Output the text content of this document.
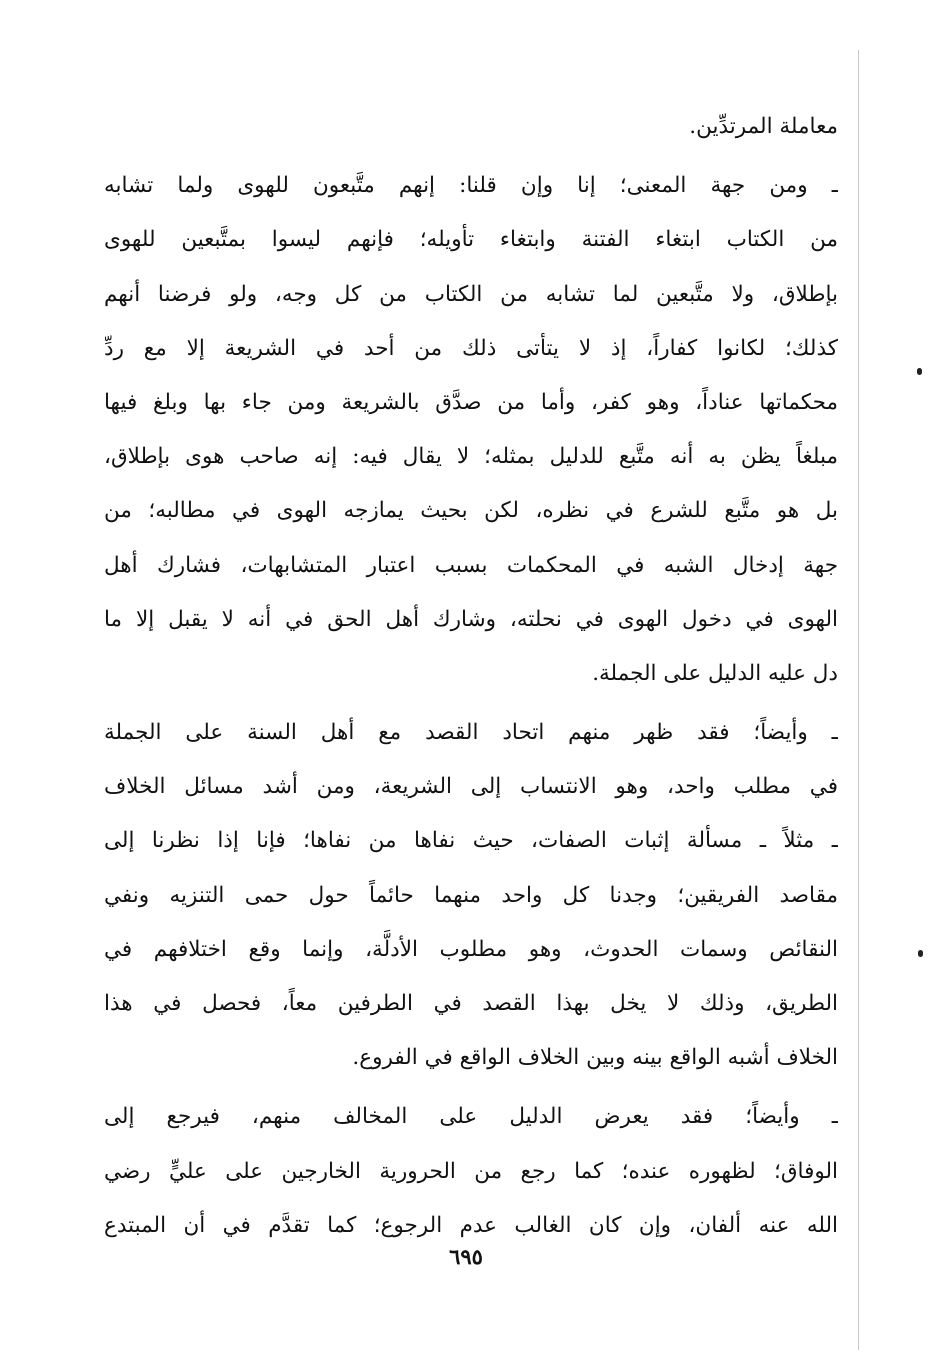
معاملة المرتدِّين.
ـ ومن جهة المعنى؛ إنا وإن قلنا: إنهم متَّبعون للهوى ولما تشابه
من الكتاب ابتغاء الفتنة وابتغاء تأويله؛ فإنهم ليسوا بمتَّبعين للهوى
بإطلاق، ولا متَّبعين لما تشابه من الكتاب من كل وجه، ولو فرضنا أنهم
كذلك؛ لكانوا كفاراً، إذ لا يتأتى ذلك من أحد في الشريعة إلا مع ردِّ
محكماتها عناداً، وهو كفر، وأما من صدَّق بالشريعة ومن جاء بها وبلغ فيها
مبلغاً يظن به أنه متَّبع للدليل بمثله؛ لا يقال فيه: إنه صاحب هوى بإطلاق،
بل هو متَّبع للشرع في نظره، لكن بحيث يمازجه الهوى في مطالبه؛ من
جهة إدخال الشبه في المحكمات بسبب اعتبار المتشابهات، فشارك أهل
الهوى في دخول الهوى في نحلته، وشارك أهل الحق في أنه لا يقبل إلا ما
دل عليه الدليل على الجملة.
ـ وأيضاً؛ فقد ظهر منهم اتحاد القصد مع أهل السنة على الجملة
في مطلب واحد، وهو الانتساب إلى الشريعة، ومن أشد مسائل الخلاف
ـ مثلاً ـ مسألة إثبات الصفات، حيث نفاها من نفاها؛ فإنا إذا نظرنا إلى
مقاصد الفريقين؛ وجدنا كل واحد منهما حائماً حول حمى التنزيه ونفي
النقائص وسمات الحدوث، وهو مطلوب الأدلَّة، وإنما وقع اختلافهم في
الطريق، وذلك لا يخل بهذا القصد في الطرفين معاً، فحصل في هذا
الخلاف أشبه الواقع بينه وبين الخلاف الواقع في الفروع.
ـ وأيضاً؛ فقد يعرض الدليل على المخالف منهم، فيرجع إلى
الوفاق؛ لظهوره عنده؛ كما رجع من الحرورية الخارجين على عليٍّ رضي
الله عنه ألفان، وإن كان الغالب عدم الرجوع؛ كما تقدَّم في أن المبتدع
٦٩٥
